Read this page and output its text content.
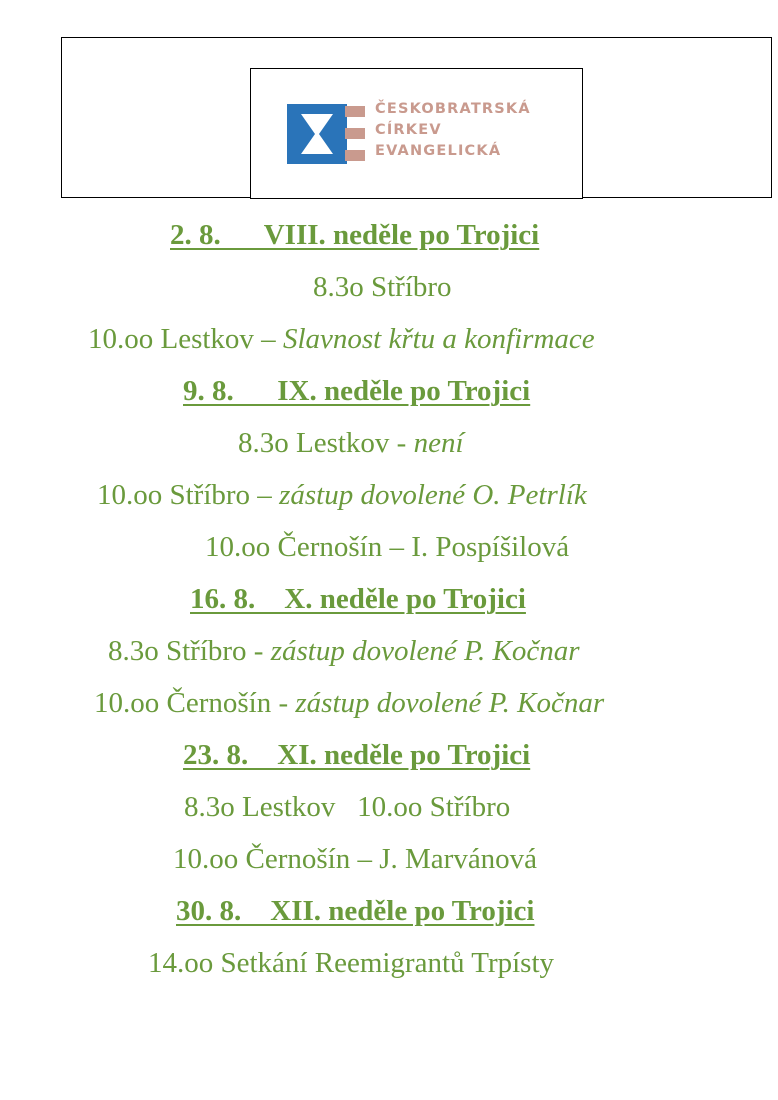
ČESKOBRATRSKÁ
CÍRKEV
EVANGELICKÁ
2. 8.      VIII. neděle po Trojici
8.3o Stříbro
10.oo Lestkov – Slavnost křtu a konfirmace
9. 8.      IX. neděle po Trojici
8.3o Lestkov - není
10.oo Stříbro – zástup dovolené O. Petrlík
10.oo Černošín – I. Pospíšilová
16. 8.    X. neděle po Trojici
8.3o Stříbro - zástup dovolené P. Kočnar
10.oo Černošín - zástup dovolené P. Kočnar
23. 8.    XI. neděle po Trojici
8.3o Lestkov   10.oo Stříbro
10.oo Černošín – J. Marvánová
30. 8.    XII. neděle po Trojici
14.oo Setkání Reemigrantů Trpísty
